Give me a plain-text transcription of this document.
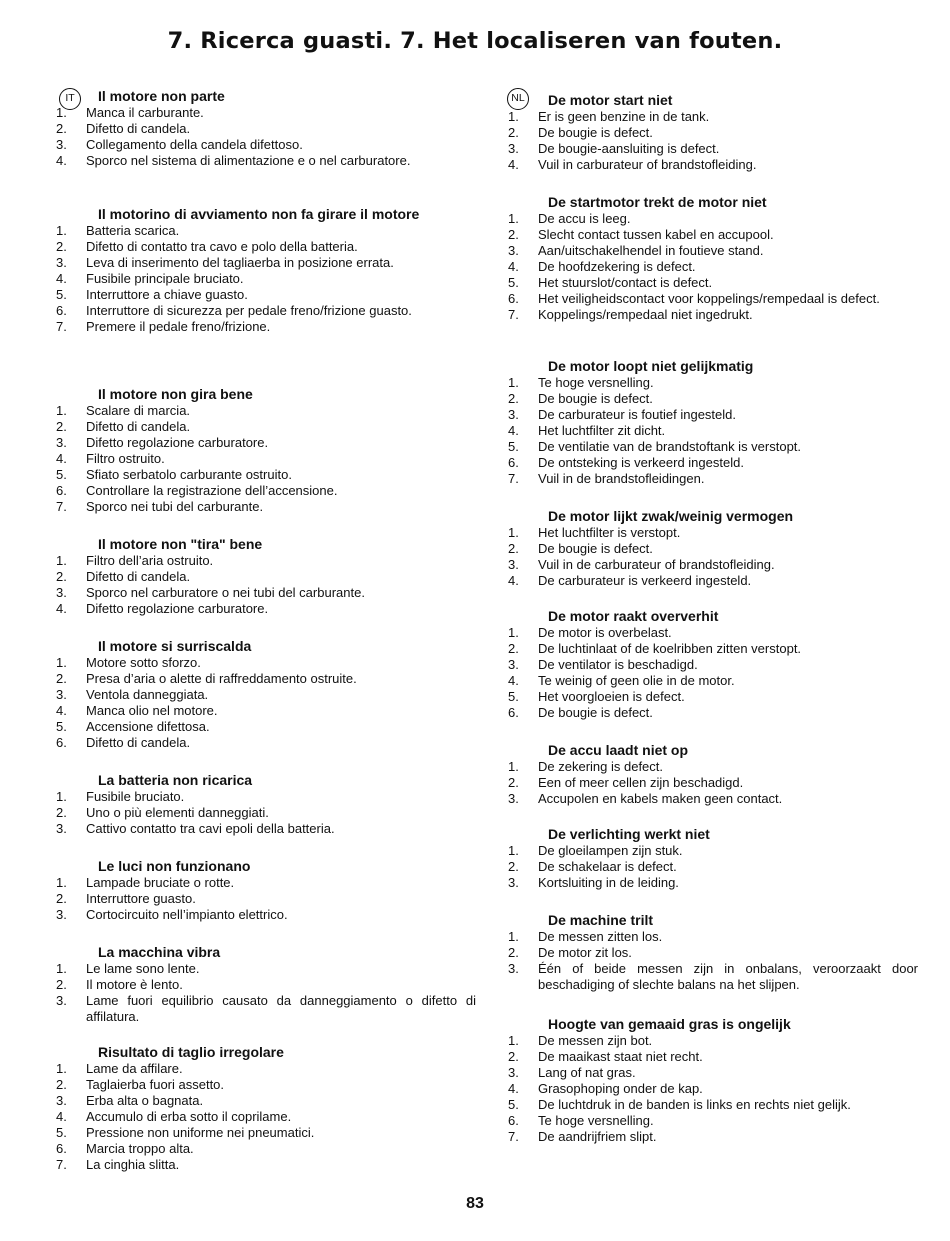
7. Ricerca guasti. 7. Het localiseren van fouten.
IT	Il motore non parte
1.	Manca il carburante.
2.	Difetto di candela.
3.	Collegamento della candela difettoso.
4.	Sporco nel sistema di alimentazione e o nel carburatore.
Il motorino di avviamento non fa girare il motore
1.	Batteria scarica.
2.	Difetto di contatto tra cavo e polo della batteria.
3.	Leva di inserimento del tagliaerba in posizione errata.
4.	Fusibile principale bruciato.
5.	Interruttore a chiave guasto.
6.	Interruttore di sicurezza per pedale freno/frizione guasto.
7.	Premere il pedale freno/frizione.
Il motore non gira bene
1.	Scalare di marcia.
2.	Difetto di candela.
3.	Difetto regolazione carburatore.
4.	Filtro ostruito.
5.	Sfiato serbatolo carburante ostruito.
6.	Controllare la registrazione dell’accensione.
7.	Sporco nei tubi del carburante.
Il motore non "tira" bene
1.	Filtro dell’aria ostruito.
2.	Difetto di candela.
3.	Sporco nel carburatore o nei tubi del carburante.
4.	Difetto regolazione carburatore.
Il motore si surriscalda
1.	Motore sotto sforzo.
2.	Presa d’aria o alette di raffreddamento ostruite.
3.	Ventola danneggiata.
4.	Manca olio nel motore.
5.	Accensione difettosa.
6.	Difetto di candela.
La batteria non ricarica
1.	Fusibile bruciato.
2.	Uno o più elementi danneggiati.
3.	Cattivo contatto tra cavi epoli della batteria.
Le luci non funzionano
1.	Lampade bruciate o rotte.
2.	Interruttore guasto.
3.	Cortocircuito nell’impianto elettrico.
La macchina vibra
1.	Le lame sono lente.
2.	Il motore è lento.
3.	Lame fuori equilibrio causato da danneggiamento o difetto di affilatura.
Risultato di taglio irregolare
1.	Lame da affilare.
2.	Taglaierba fuori assetto.
3.	Erba alta o bagnata.
4.	Accumulo di erba sotto il coprilame.
5.	Pressione non uniforme nei pneumatici.
6.	Marcia troppo alta.
7.	La cinghia slitta.
NL	De motor start niet
1.	Er is geen benzine in de tank.
2.	De bougie is defect.
3.	De bougie-aansluiting is defect.
4.	Vuil in carburateur of brandstofleiding.
De startmotor trekt de motor niet
1.	De accu is leeg.
2.	Slecht contact tussen kabel en accupool.
3.	Aan/uitschakelhendel in foutieve stand.
4.	De hoofdzekering is defect.
5.	Het stuurslot/contact is defect.
6.	Het veiligheidscontact voor koppelings/rempedaal is defect.
7.	Koppelings/rempedaal niet ingedrukt.
De motor loopt niet gelijkmatig
1.	Te hoge versnelling.
2.	De bougie is defect.
3.	De carburateur is foutief ingesteld.
4.	Het luchtfilter zit dicht.
5.	De ventilatie van de brandstoftank is verstopt.
6.	De ontsteking is verkeerd ingesteld.
7.	Vuil in de brandstofleidingen.
De motor lijkt zwak/weinig vermogen
1.	Het luchtfilter is verstopt.
2.	De bougie is defect.
3.	Vuil in de carburateur of brandstofleiding.
4.	De carburateur is verkeerd ingesteld.
De motor raakt oververhit
1.	De motor is overbelast.
2.	De luchtinlaat of de koelribben zitten verstopt.
3.	De ventilator is beschadigd.
4.	Te weinig of geen olie in de motor.
5.	Het voorgloeien is defect.
6.	De bougie is defect.
De accu laadt niet op
1.	De zekering is defect.
2.	Een of meer cellen zijn beschadigd.
3.	Accupolen en kabels maken geen contact.
De verlichting werkt niet
1.	De gloeilampen zijn stuk.
2.	De schakelaar is defect.
3.	Kortsluiting in de leiding.
De machine trilt
1.	De messen zitten los.
2.	De motor zit los.
3.	Één of beide messen zijn in onbalans, veroorzaakt door beschadiging of slechte balans na het slijpen.
Hoogte van gemaaid gras is ongelijk
1.	De messen zijn bot.
2.	De maaikast staat niet recht.
3.	Lang of nat gras.
4.	Grasophoping onder de kap.
5.	De luchtdruk in de banden is links en rechts niet gelijk.
6.	Te hoge versnelling.
7.	De aandrijfriem slipt.
83
